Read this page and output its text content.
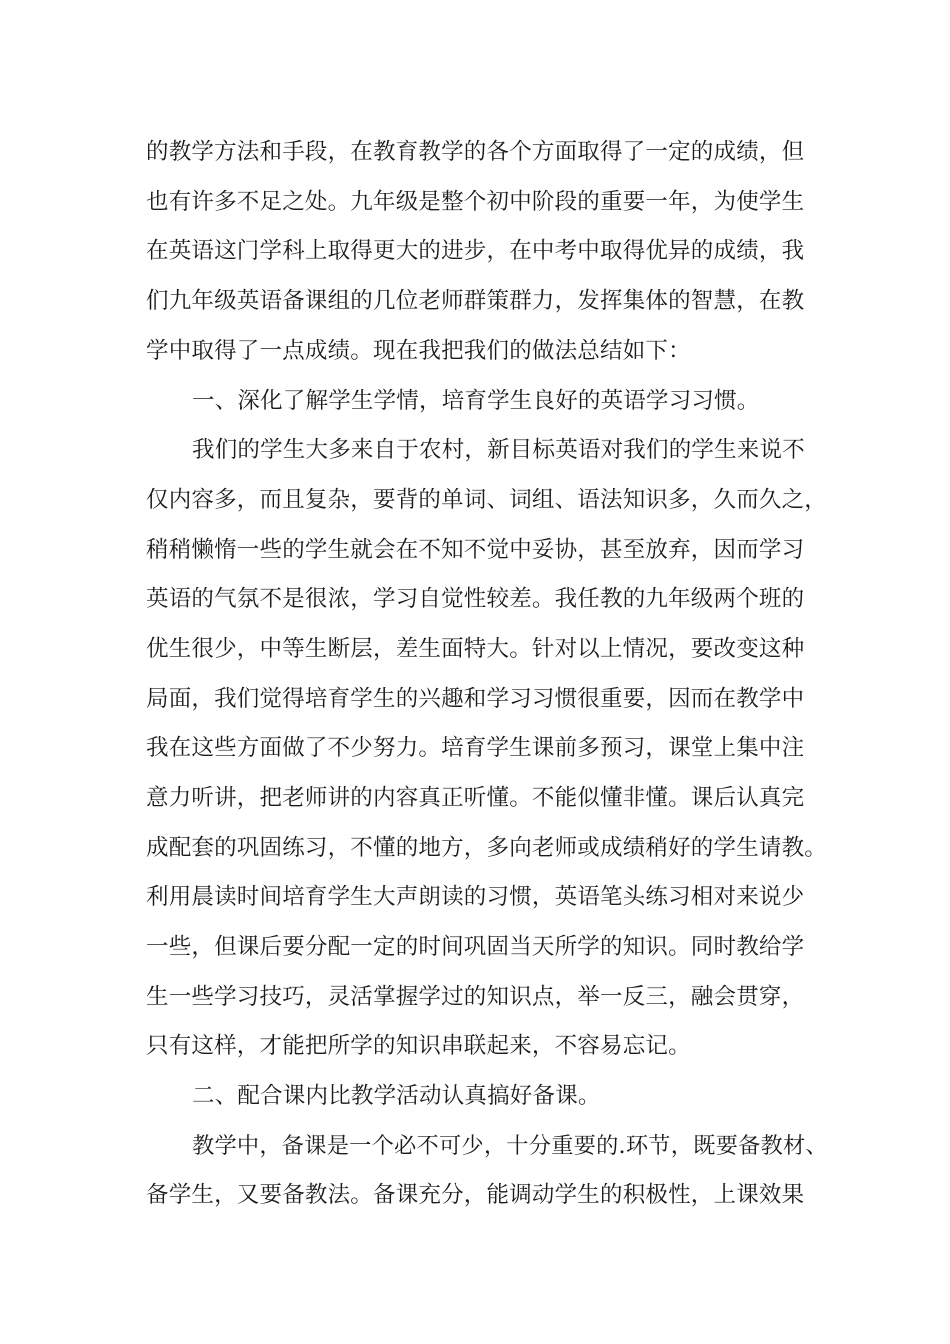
的教学方法和手段，在教育教学的各个方面取得了一定的成绩，但
也有许多不足之处。九年级是整个初中阶段的重要一年，为使学生
在英语这门学科上取得更大的进步，在中考中取得优异的成绩，我
们九年级英语备课组的几位老师群策群力，发挥集体的智慧，在教
学中取得了一点成绩。现在我把我们的做法总结如下：
一、深化了解学生学情，培育学生良好的英语学习习惯。
我们的学生大多来自于农村，新目标英语对我们的学生来说不
仅内容多，而且复杂，要背的单词、词组、语法知识多，久而久之，
稍稍懒惰一些的学生就会在不知不觉中妥协，甚至放弃，因而学习
英语的气氛不是很浓，学习自觉性较差。我任教的九年级两个班的
优生很少，中等生断层，差生面特大。针对以上情况，要改变这种
局面，我们觉得培育学生的兴趣和学习习惯很重要，因而在教学中
我在这些方面做了不少努力。培育学生课前多预习，课堂上集中注
意力听讲，把老师讲的内容真正听懂。不能似懂非懂。课后认真完
成配套的巩固练习，不懂的地方，多向老师或成绩稍好的学生请教。
利用晨读时间培育学生大声朗读的习惯，英语笔头练习相对来说少
一些，但课后要分配一定的时间巩固当天所学的知识。同时教给学
生一些学习技巧，灵活掌握学过的知识点，举一反三，融会贯穿，
只有这样，才能把所学的知识串联起来，不容易忘记。
二、配合课内比教学活动认真搞好备课。
教学中，备课是一个必不可少，十分重要的.环节，既要备教材、
备学生，又要备教法。备课充分，能调动学生的积极性，上课效果
